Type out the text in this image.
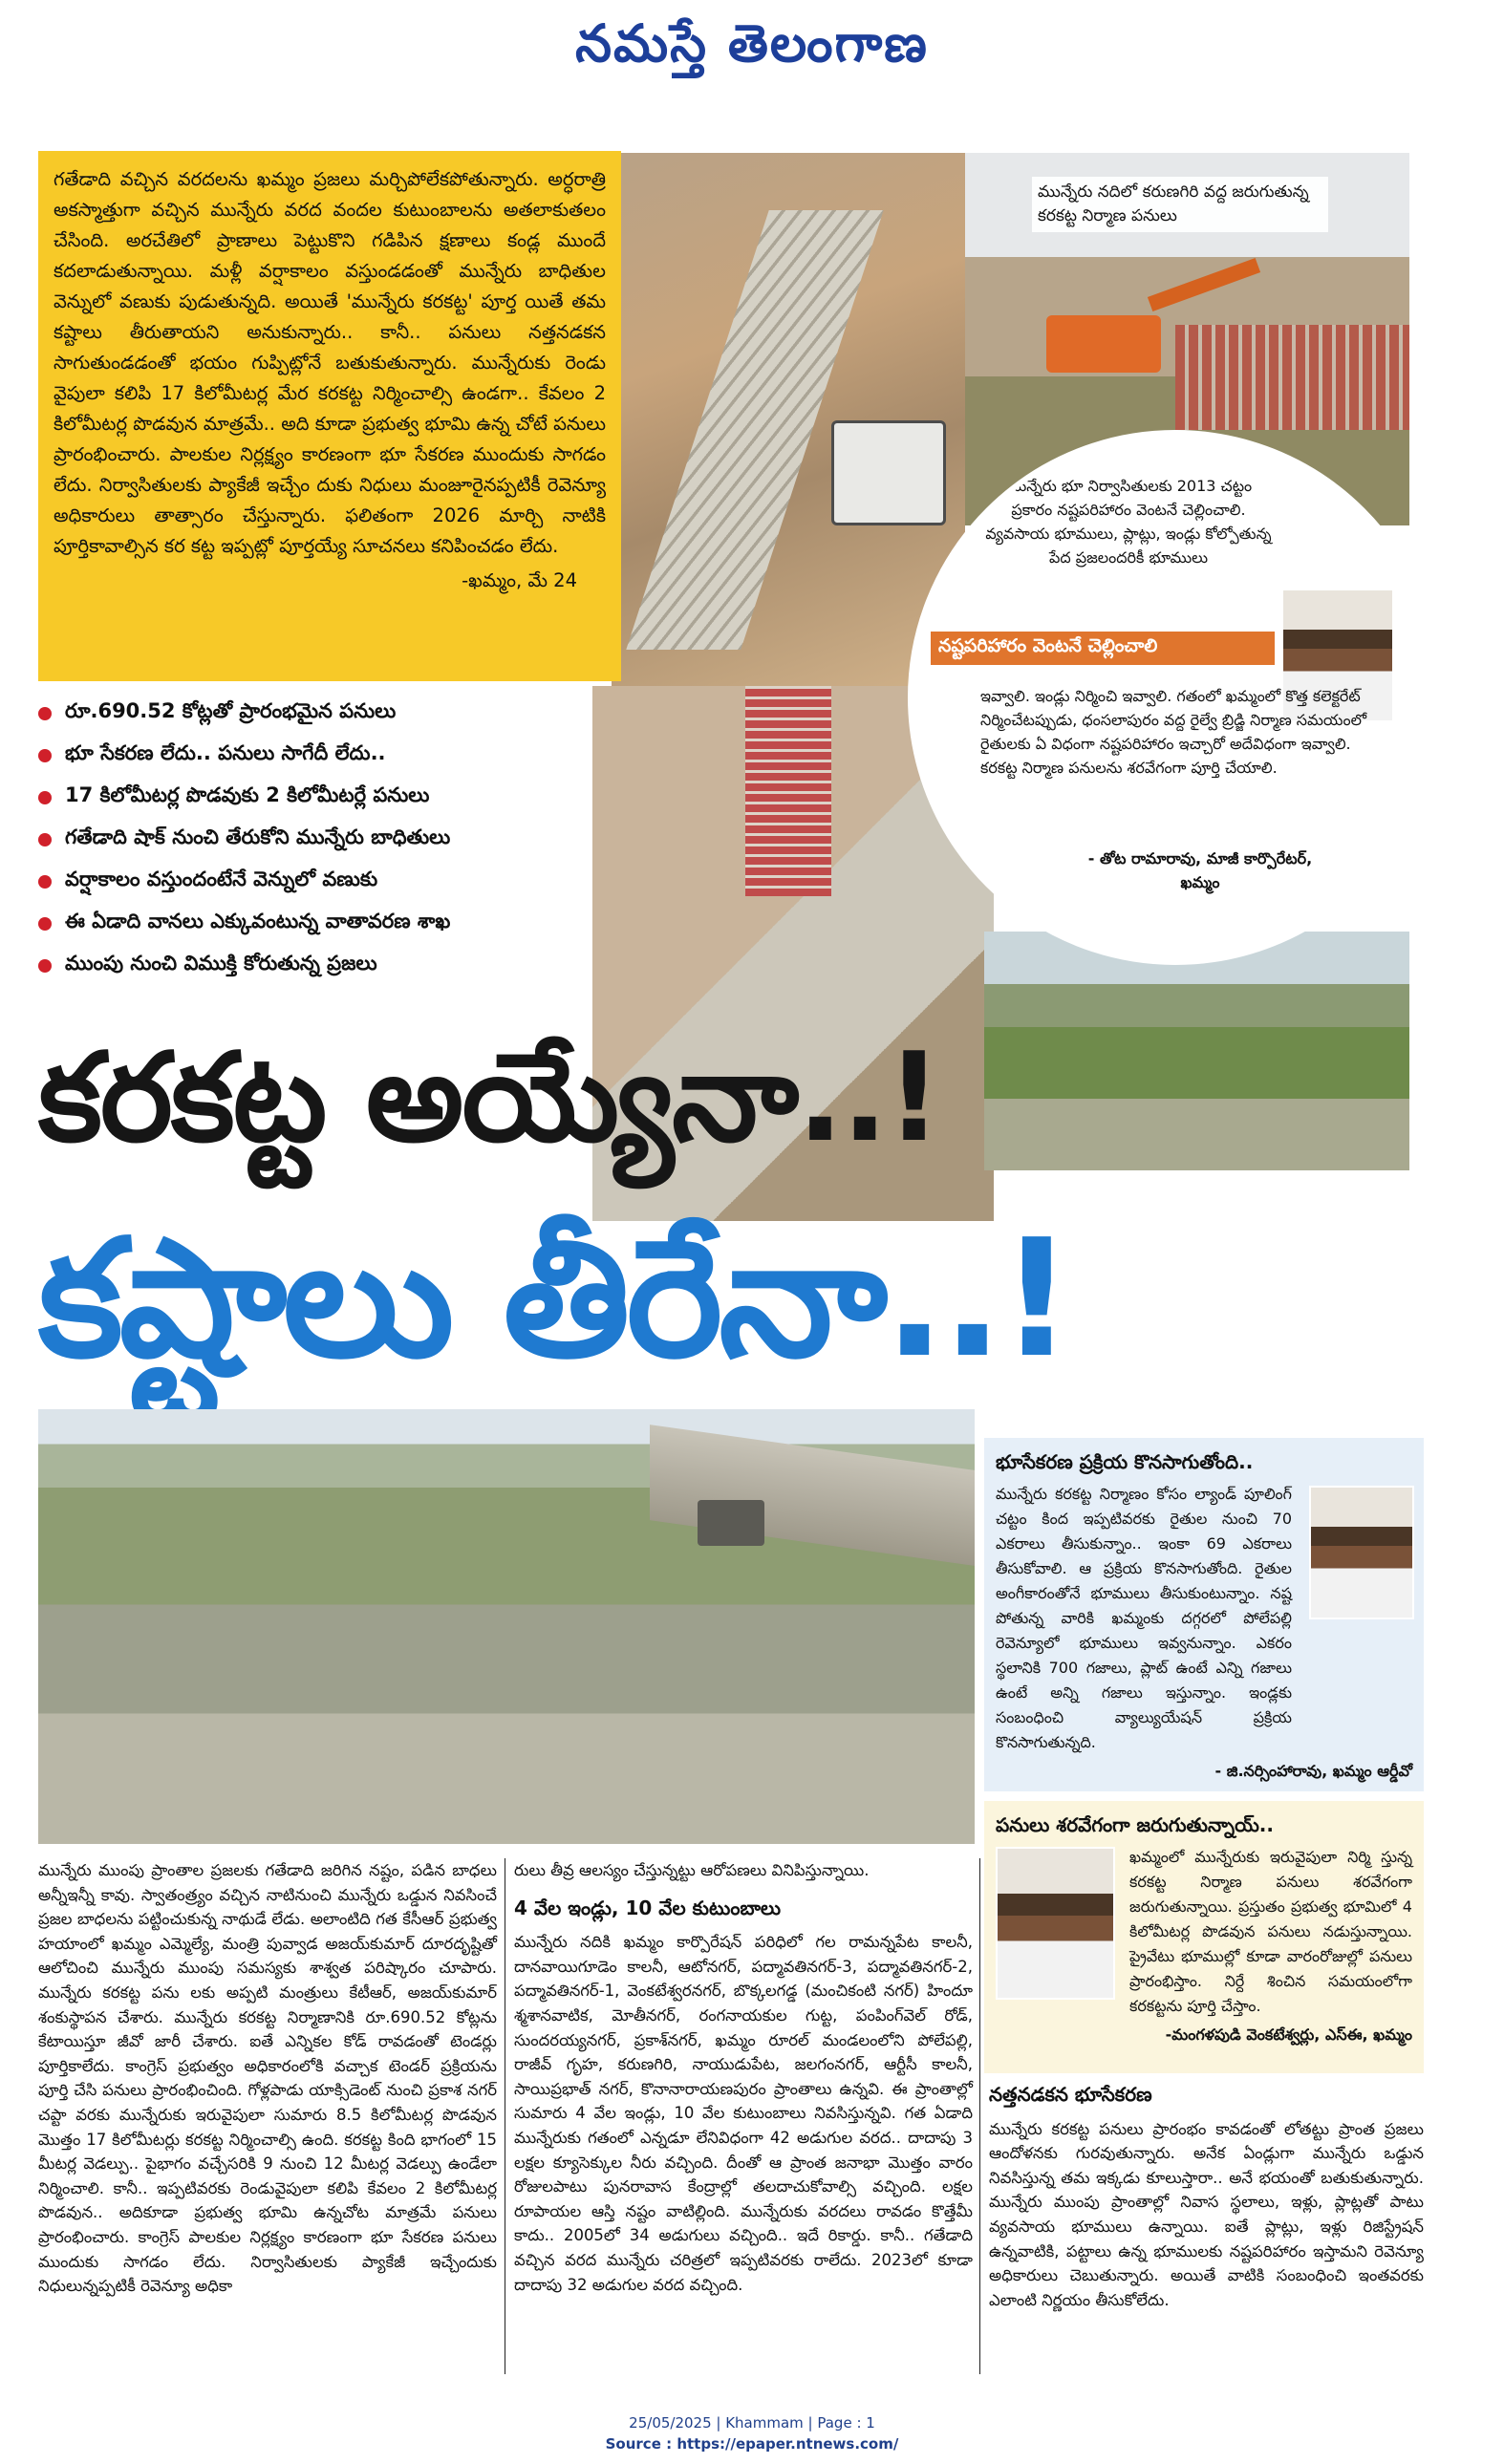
నమస్తే తెలంగాణ

గతేడాది వచ్చిన వరదలను ఖమ్మం ప్రజలు మర్చిపోలేకపోతున్నారు. అర్ధరాత్రి అకస్మాత్తుగా వచ్చిన మున్నేరు వరద వందల కుటుంబాలను అతలాకుతలం చేసింది. అరచేతిలో ప్రాణాలు పెట్టుకొని గడిపిన క్షణాలు కండ్ల ముందే కదలాడుతున్నాయి. మళ్లీ వర్షాకాలం వస్తుండడంతో మున్నేరు బాధితుల వెన్నులో వణుకు పుడుతున్నది. అయితే 'మున్నేరు కరకట్ట' పూర్త యితే తమ కష్టాలు తీరుతాయని అనుకున్నారు.. కానీ.. పనులు నత్తనడకన సాగుతుండడంతో భయం గుప్పిట్లోనే బతుకుతున్నారు. మున్నేరుకు రెండు వైపులా కలిపి 17 కిలోమీటర్ల మేర కరకట్ట నిర్మించాల్సి ఉండగా.. కేవలం 2 కిలోమీటర్ల పొడవున మాత్రమే.. అది కూడా ప్రభుత్వ భూమి ఉన్న చోటే పనులు ప్రారంభించారు. పాలకుల నిర్లక్ష్యం కారణంగా భూ సేకరణ ముందుకు సాగడం లేదు. నిర్వాసితులకు ప్యాకేజీ ఇచ్చేం దుకు నిధులు మంజూరైనప్పటికీ రెవెన్యూ అధికారులు తాత్సారం చేస్తున్నారు. ఫలితంగా 2026 మార్చి నాటికి పూర్తికావాల్సిన కర కట్ట ఇప్పట్లో పూర్తయ్యే సూచనలు కనిపించడం లేదు.

-ఖమ్మం, మే 24

మున్నేరు నదిలో కరుణగిరి వద్ద జరుగుతున్న కరకట్ట నిర్మాణ పనులు
మున్నేరు భూ నిర్వాసితులకు 2013 చట్టం ప్రకారం నష్టపరిహారం వెంటనే చెల్లించాలి. వ్యవసాయ భూములు, ప్లాట్లు, ఇండ్లు కోల్పోతున్న పేద ప్రజలందరికీ భూములు
నష్టపరిహారం వెంటనే చెల్లించాలి
ఇవ్వాలి. ఇండ్లు నిర్మించి ఇవ్వాలి. గతంలో ఖమ్మంలో కొత్త కలెక్టరేట్ నిర్మించేటప్పుడు, ధంసలాపురం వద్ద రైల్వే బ్రిడ్జి నిర్మాణ సమయంలో రైతులకు ఏ విధంగా నష్టపరిహారం ఇచ్చారో అదేవిధంగా ఇవ్వాలి. కరకట్ట నిర్మాణ పనులను శరవేగంగా పూర్తి చేయాలి.
- తోట రామారావు, మాజీ కార్పొరేటర్, ఖమ్మం
రూ.690.52 కోట్లతో ప్రారంభమైన పనులు
భూ సేకరణ లేదు.. పనులు సాగేదీ లేదు..
17 కిలోమీటర్ల పొడవుకు 2 కిలోమీటర్లే పనులు
గతేడాది షాక్ నుంచి తేరుకోని మున్నేరు బాధితులు
వర్షాకాలం వస్తుందంటేనే వెన్నులో వణుకు
ఈ ఏడాది వానలు ఎక్కువంటున్న వాతావరణ శాఖ
ముంపు నుంచి విముక్తి కోరుతున్న ప్రజలు
కరకట్ట అయ్యేనా..!
కష్టాలు తీరేనా..!
భూసేకరణ ప్రక్రియ కొనసాగుతోంది..
మున్నేరు కరకట్ట నిర్మాణం కోసం ల్యాండ్ పూలింగ్ చట్టం కింద ఇప్పటివరకు రైతుల నుంచి 70 ఎకరాలు తీసుకున్నాం.. ఇంకా 69 ఎకరాలు తీసుకోవాలి. ఆ ప్రక్రియ కొనసాగుతోంది. రైతుల అంగీకారంతోనే భూములు తీసుకుంటున్నాం. నష్ట పోతున్న వారికి ఖమ్మంకు దగ్గరలో పోలేపల్లి రెవెన్యూలో భూములు ఇవ్వనున్నాం. ఎకరం స్థలానికి 700 గజాలు, ప్లాట్ ఉంటే ఎన్ని గజాలు ఉంటే అన్ని గజాలు ఇస్తున్నాం. ఇండ్లకు సంబంధించి వ్యాల్యుయేషన్ ప్రక్రియ కొనసాగుతున్నది.
- జి.నర్సింహారావు, ఖమ్మం ఆర్డీవో
పనులు శరవేగంగా జరుగుతున్నాయ్..
ఖమ్మంలో మున్నేరుకు ఇరువైపులా నిర్మి స్తున్న కరకట్ట నిర్మాణ పనులు శరవేగంగా జరుగుతున్నాయి. ప్రస్తుతం ప్రభుత్వ భూమిలో 4 కిలోమీటర్ల పొడవున పనులు నడుస్తున్నాయి. ప్రైవేటు భూముల్లో కూడా వారంరోజుల్లో పనులు ప్రారంభిస్తాం. నిర్దే శించిన సమయంలోగా కరకట్టను పూర్తి చేస్తాం.
-మంగళపుడి వెంకటేశ్వర్లు, ఎస్ఈ, ఖమ్మం

మున్నేరు ముంపు ప్రాంతాల ప్రజలకు గతేడాది జరిగిన నష్టం, పడిన బాధలు అన్నీఇన్నీ కావు. స్వాతంత్ర్యం వచ్చిన నాటినుంచి మున్నేరు ఒడ్డున నివసించే ప్రజల బాధలను పట్టించుకున్న నాథుడే లేడు. అలాంటిది గత కేసీఆర్ ప్రభుత్వ హయాంలో ఖమ్మం ఎమ్మెల్యే, మంత్రి పువ్వాడ అజయ్‌కుమార్ దూరదృష్టితో ఆలోచించి మున్నేరు ముంపు సమస్యకు శాశ్వత పరిష్కారం చూపారు. మున్నేరు కరకట్ట పను లకు అప్పటి మంత్రులు కేటీఆర్, అజయ్‌కుమార్ శంకుస్థాపన చేశారు. మున్నేరు కరకట్ట నిర్మాణానికి రూ.690.52 కోట్లను కేటాయిస్తూ జీవో జారీ చేశారు. ఐతే ఎన్నికల కోడ్ రావడంతో టెండర్లు పూర్తికాలేదు. కాంగ్రెస్ ప్రభుత్వం అధికారంలోకి వచ్చాక టెండర్ ప్రక్రియను పూర్తి చేసి పనులు ప్రారంభించింది. గోళ్లపాడు యాక్సిడెంట్ నుంచి ప్రకాశ నగర్ చప్టా వరకు మున్నేరుకు ఇరువైపులా సుమారు 8.5 కిలోమీటర్ల పొడవున మొత్తం 17 కిలోమీటర్లు కరకట్ట నిర్మించాల్సి ఉంది. కరకట్ట కింది భాగంలో 15 మీటర్ల వెడల్పు.. పైభాగం వచ్చేసరికి 9 నుంచి 12 మీటర్ల వెడల్పు ఉండేలా నిర్మించాలి. కానీ.. ఇప్పటివరకు రెండువైపులా కలిపి కేవలం 2 కిలోమీటర్ల పొడవున.. అదికూడా ప్రభుత్వ భూమి ఉన్నచోట మాత్రమే పనులు ప్రారంభించారు. కాంగ్రెస్ పాలకుల నిర్లక్ష్యం కారణంగా భూ సేకరణ పనులు ముందుకు సాగడం లేదు. నిర్వాసితులకు ప్యాకేజీ ఇచ్చేందుకు నిధులున్నప్పటికీ రెవెన్యూ అధికా

రులు తీవ్ర ఆలస్యం చేస్తున్నట్టు ఆరోపణలు వినిపిస్తున్నాయి.

4 వేల ఇండ్లు, 10 వేల కుటుంబాలు

మున్నేరు నదికి ఖమ్మం కార్పొరేషన్ పరిధిలో గల రామన్నపేట కాలనీ, దానవాయిగూడెం కాలనీ, ఆటోనగర్, పద్మావతినగర్-3, పద్మావతినగర్-2, పద్మావతినగర్-1, వెంకటేశ్వరనగర్, బొక్కలగడ్డ (మంచికంటి నగర్) హిందూ శ్మశానవాటిక, మోతీనగర్, రంగనాయకుల గుట్ట, పంపింగ్‌వెల్ రోడ్, సుందరయ్యనగర్, ప్రకాశ్‌నగర్, ఖమ్మం రూరల్ మండలంలోని పోలేపల్లి, రాజీవ్ గృహ, కరుణగిరి, నాయుడుపేట, జలగంనగర్, ఆర్టీసీ కాలనీ, సాయిప్రభాత్ నగర్, కొనానారాయణపురం ప్రాంతాలు ఉన్నవి. ఈ ప్రాంతాల్లో సుమారు 4 వేల ఇండ్లు, 10 వేల కుటుంబాలు నివసిస్తున్నవి. గత ఏడాది మున్నేరుకు గతంలో ఎన్నడూ లేనివిధంగా 42 అడుగుల వరద.. దాదాపు 3 లక్షల క్యూసెక్కుల నీరు వచ్చింది. దీంతో ఆ ప్రాంత జనాభా మొత్తం వారం రోజులపాటు పునరావాస కేంద్రాల్లో తలదాచుకోవాల్సి వచ్చింది. లక్షల రూపాయల ఆస్తి నష్టం వాటిల్లింది. మున్నేరుకు వరదలు రావడం కొత్తేమీ కాదు.. 2005లో 34 అడుగులు వచ్చింది.. ఇదే రికార్డు. కానీ.. గతేడాది వచ్చిన వరద మున్నేరు చరిత్రలో ఇప్పటివరకు రాలేదు. 2023లో కూడా దాదాపు 32 అడుగుల వరద వచ్చింది.

నత్తనడకన భూసేకరణ

మున్నేరు కరకట్ట పనులు ప్రారంభం కావడంతో లోతట్టు ప్రాంత ప్రజలు ఆందోళనకు గురవుతున్నారు. అనేక ఏండ్లుగా మున్నేరు ఒడ్డున నివసిస్తున్న తమ ఇక్కడు కూలుస్తారా.. అనే భయంతో బతుకుతున్నారు. మున్నేరు ముంపు ప్రాంతాల్లో నివాస స్థలాలు, ఇళ్లు, ప్లాట్లతో పాటు వ్యవసాయ భూములు ఉన్నాయి. ఐతే ప్లాట్లు, ఇళ్లు రిజిస్ట్రేషన్ ఉన్నవాటికి, పట్టాలు ఉన్న భూములకు నష్టపరిహారం ఇస్తామని రెవెన్యూ అధికారులు చెబుతున్నారు. అయితే వాటికి సంబంధించి ఇంతవరకు ఎలాంటి నిర్ణయం తీసుకోలేదు.

25/05/2025 | Khammam | Page : 1
Source : https://epaper.ntnews.com/
